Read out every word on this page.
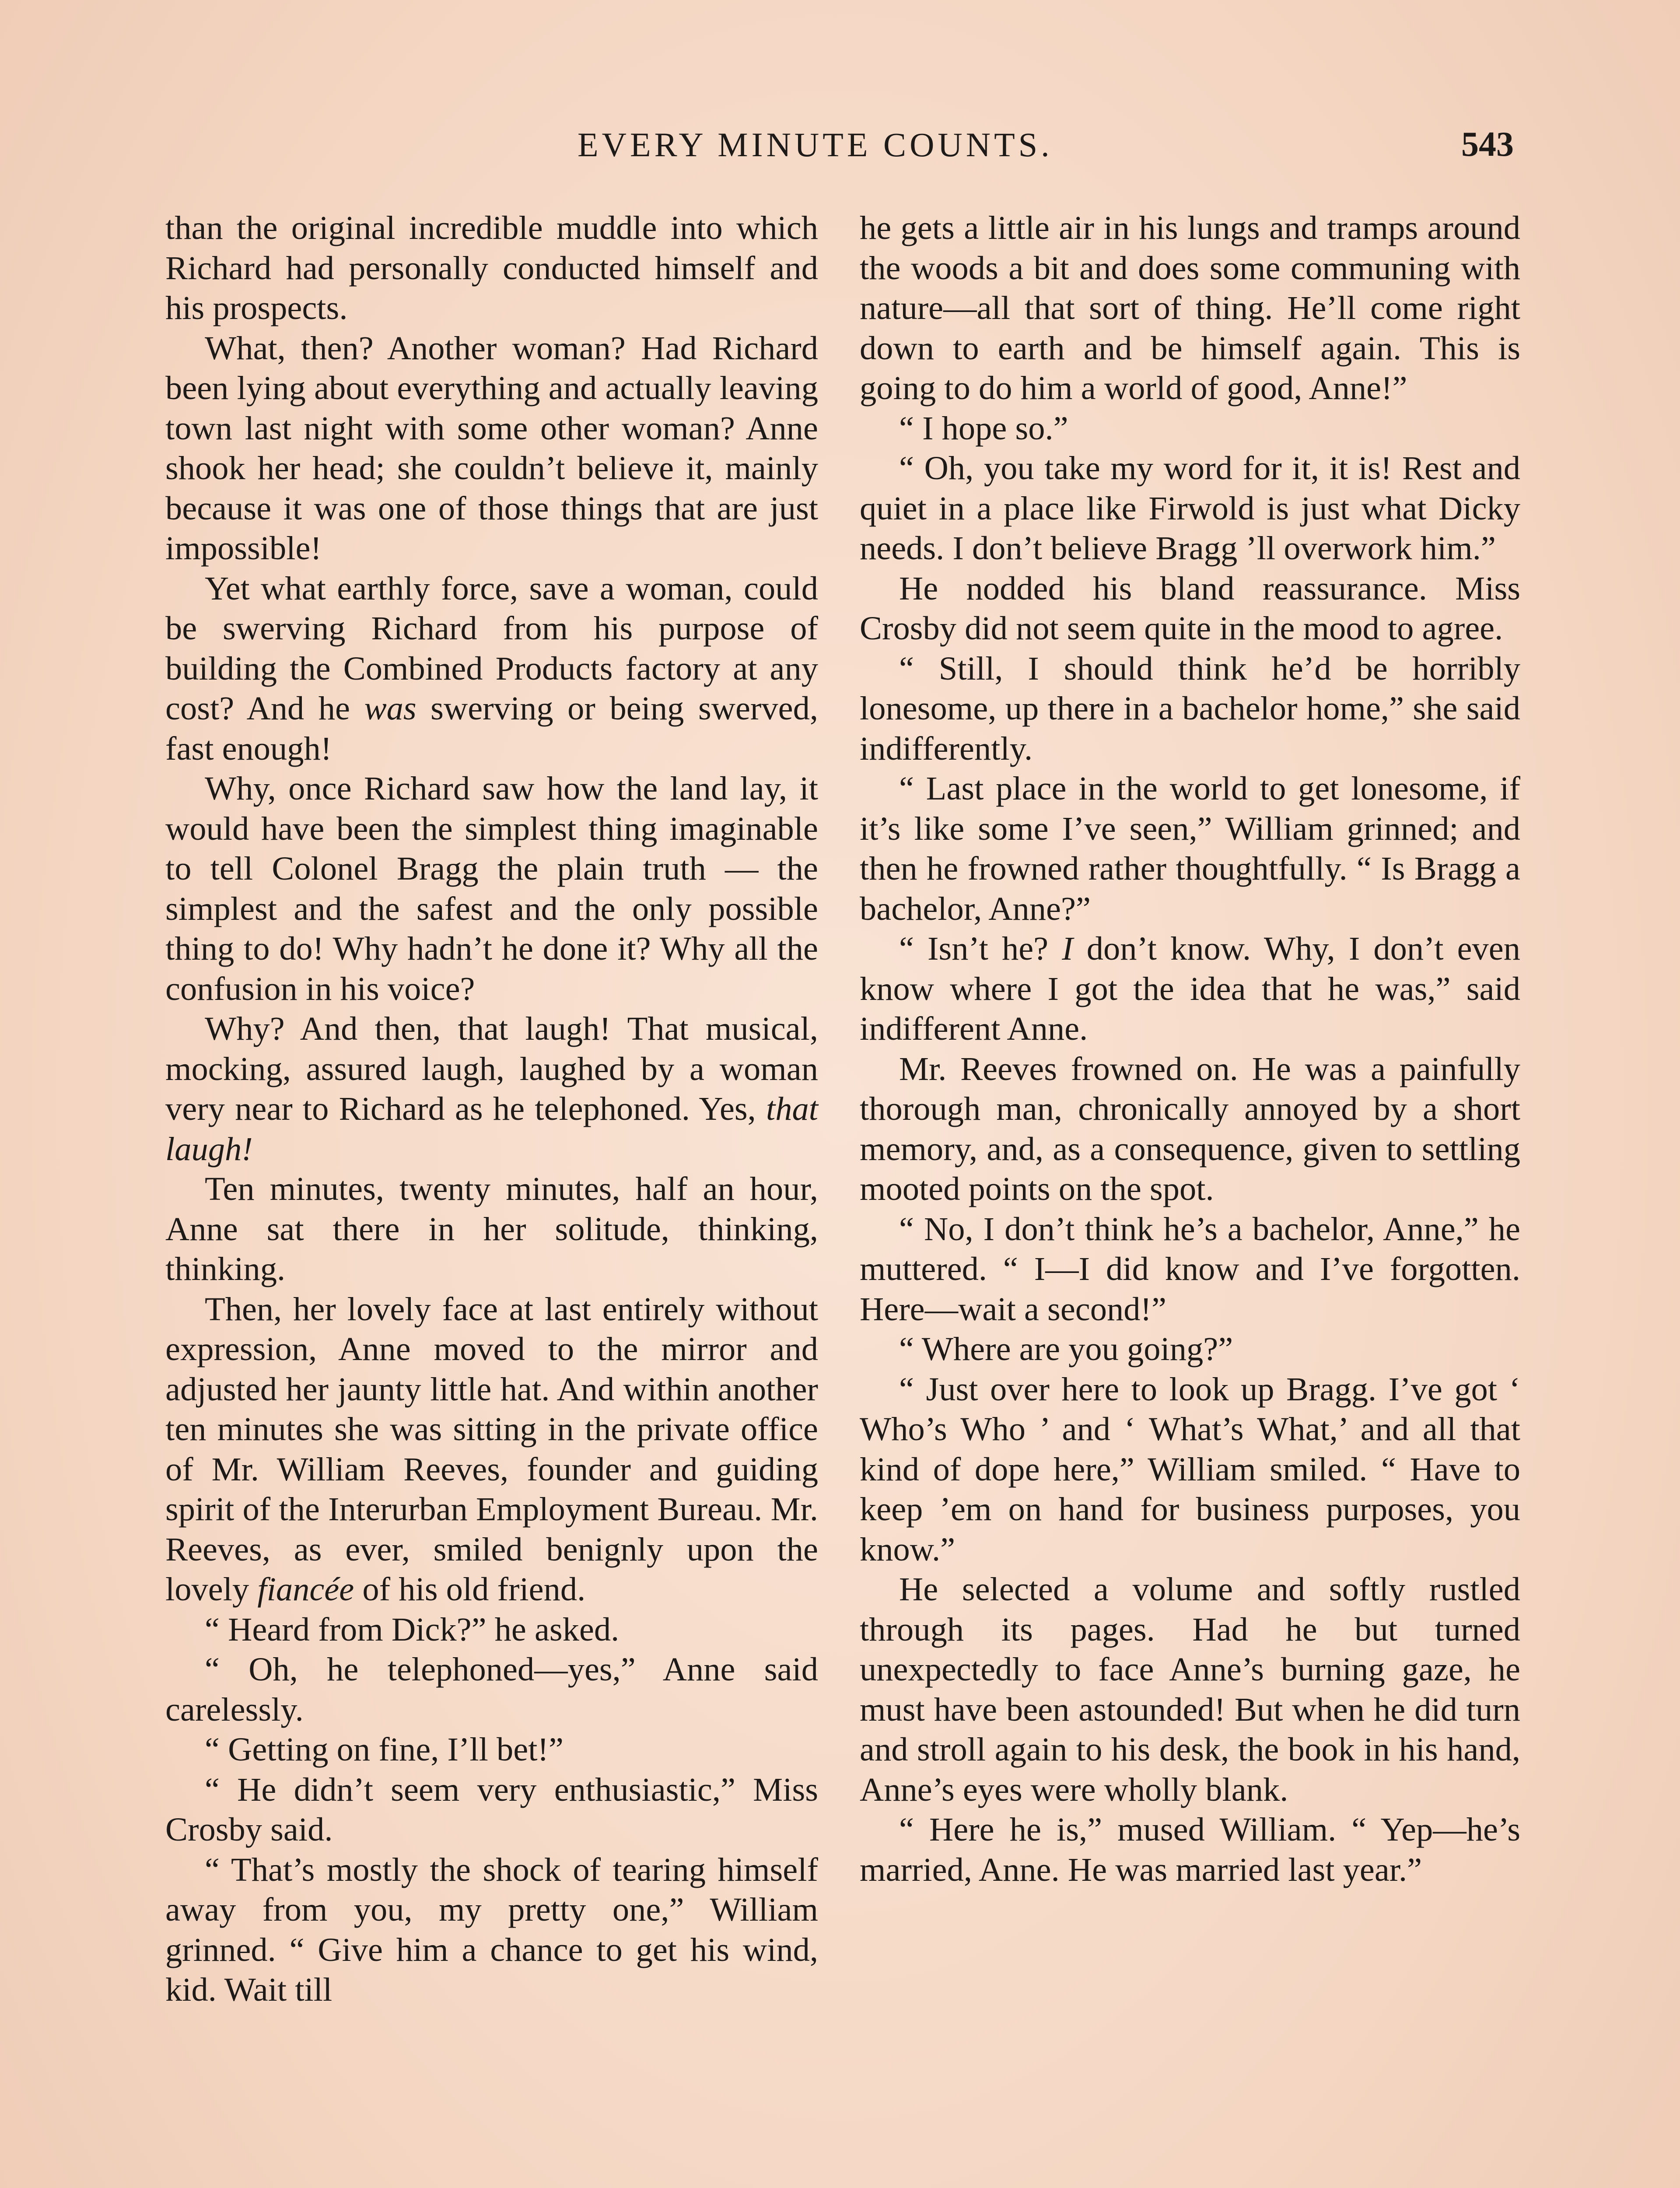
EVERY MINUTE COUNTS.	543

than the original incredible muddle into which Richard had personally conducted himself and his prospects.

What, then? Another woman? Had Richard been lying about everything and actually leaving town last night with some other woman? Anne shook her head; she couldn’t believe it, mainly because it was one of those things that are just impossible!

Yet what earthly force, save a woman, could be swerving Richard from his purpose of building the Combined Products factory at any cost? And he was swerving or being swerved, fast enough!

Why, once Richard saw how the land lay, it would have been the simplest thing imaginable to tell Colonel Bragg the plain truth — the simplest and the safest and the only possible thing to do! Why hadn’t he done it? Why all the confusion in his voice?

Why? And then, that laugh! That musical, mocking, assured laugh, laughed by a woman very near to Richard as he telephoned. Yes, that laugh!

Ten minutes, twenty minutes, half an hour, Anne sat there in her solitude, thinking, thinking.

Then, her lovely face at last entirely without expression, Anne moved to the mirror and adjusted her jaunty little hat. And within another ten minutes she was sitting in the private office of Mr. William Reeves, founder and guiding spirit of the Interurban Employment Bureau. Mr. Reeves, as ever, smiled benignly upon the lovely fiancée of his old friend.

“ Heard from Dick?” he asked.

“ Oh, he telephoned—yes,” Anne said carelessly.

“ Getting on fine, I’ll bet!”

“ He didn’t seem very enthusiastic,” Miss Crosby said.

“ That’s mostly the shock of tearing himself away from you, my pretty one,” William grinned. “ Give him a chance to get his wind, kid. Wait till

he gets a little air in his lungs and tramps around the woods a bit and does some communing with nature—all that sort of thing. He’ll come right down to earth and be himself again. This is going to do him a world of good, Anne!”

“ I hope so.”

“ Oh, you take my word for it, it is! Rest and quiet in a place like Firwold is just what Dicky needs. I don’t believe Bragg ’ll overwork him.”

He nodded his bland reassurance. Miss Crosby did not seem quite in the mood to agree.

“ Still, I should think he’d be horribly lonesome, up there in a bachelor home,” she said indifferently.

“ Last place in the world to get lonesome, if it’s like some I’ve seen,” William grinned; and then he frowned rather thoughtfully. “ Is Bragg a bachelor, Anne?”

“ Isn’t he? I don’t know. Why, I don’t even know where I got the idea that he was,” said indifferent Anne.

Mr. Reeves frowned on. He was a painfully thorough man, chronically annoyed by a short memory, and, as a consequence, given to settling mooted points on the spot.

“ No, I don’t think he’s a bachelor, Anne,” he muttered. “ I—I did know and I’ve forgotten. Here—wait a second!”

“ Where are you going?”

“ Just over here to look up Bragg. I’ve got ‘ Who’s Who ’ and ‘ What’s What,’ and all that kind of dope here,” William smiled. “ Have to keep ’em on hand for business purposes, you know.”

He selected a volume and softly rustled through its pages. Had he but turned unexpectedly to face Anne’s burning gaze, he must have been astounded! But when he did turn and stroll again to his desk, the book in his hand, Anne’s eyes were wholly blank.

“ Here he is,” mused William. “ Yep—he’s married, Anne. He was married last year.”
